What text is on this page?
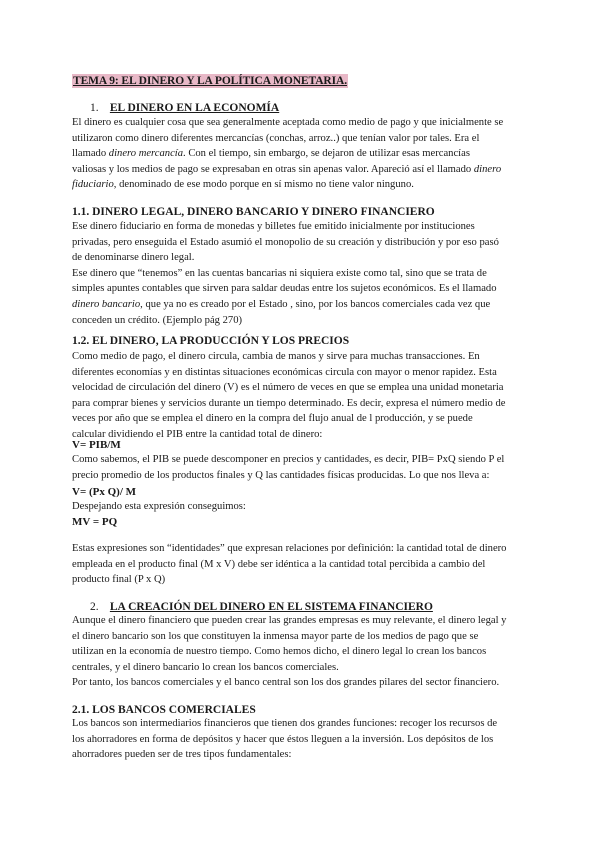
TEMA 9: EL DINERO Y LA POLÍTICA MONETARIA.
1. EL DINERO EN LA ECONOMÍA
El dinero es cualquier cosa que sea generalmente aceptada como medio de pago y que inicialmente se
utilizaron como dinero diferentes mercancías (conchas, arroz..) que tenían valor por tales. Era el
llamado dinero mercancía. Con el tiempo, sin embargo, se dejaron de utilizar esas mercancías
valiosas y los medios de pago se expresaban en otras sin apenas valor. Apareció así el llamado dinero
fiduciario, denominado de ese modo porque en sí mismo no tiene valor ninguno.
1.1. DINERO LEGAL, DINERO BANCARIO Y DINERO FINANCIERO
Ese dinero fiduciario en forma de monedas y billetes fue emitido inicialmente por instituciones
privadas, pero enseguida el Estado asumió el monopolio de su creación y distribución y por eso pasó
de denominarse dinero legal.
Ese dinero que “tenemos” en las cuentas bancarias ni siquiera existe como tal, sino que se trata de
simples apuntes contables que sirven para saldar deudas entre los sujetos económicos. Es el llamado
dinero bancario, que ya no es creado por el Estado , sino, por los bancos comerciales cada vez que
conceden un crédito. (Ejemplo pág 270)
1.2. EL DINERO, LA PRODUCCIÓN Y LOS PRECIOS
Como medio de pago, el dinero circula, cambia de manos y sirve para muchas transacciones. En
diferentes economías y en distintas situaciones económicas circula con mayor o menor rapidez. Esta
velocidad de circulación del dinero (V) es el número de veces en que se emplea una unidad monetaria
para comprar bienes y servicios durante un tiempo determinado. Es decir, expresa el número medio de
veces por año que se emplea el dinero en la compra del flujo anual de l producción, y se puede
calcular dividiendo el PIB entre la cantidad total de dinero:
V= PIB/M
Como sabemos, el PIB se puede descomponer en precios y cantidades, es decir, PIB= PxQ siendo P el
precio promedio de los productos finales y Q las cantidades físicas producidas. Lo que nos lleva a:
V= (Px Q)/ M
Despejando esta expresión conseguimos:
MV = PQ
Estas expresiones son “identidades” que expresan relaciones por definición: la cantidad total de dinero
empleada en el producto final (M x V) debe ser idéntica a la cantidad total percibida a cambio del
producto final (P x Q)
2. LA CREACIÓN DEL DINERO EN EL SISTEMA FINANCIERO
Aunque el dinero financiero que pueden crear las grandes empresas es muy relevante, el dinero legal y
el dinero bancario son los que constituyen la inmensa mayor parte de los medios de pago que se
utilizan en la economía de nuestro tiempo. Como hemos dicho, el dinero legal lo crean los bancos
centrales, y el dinero bancario lo crean los bancos comerciales.
Por tanto, los bancos comerciales y el banco central son los dos grandes pilares del sector financiero.
2.1. LOS BANCOS COMERCIALES
Los bancos son intermediarios financieros que tienen dos grandes funciones: recoger los recursos de
los ahorradores en forma de depósitos y hacer que éstos lleguen a la inversión. Los depósitos de los
ahorradores pueden ser de tres tipos fundamentales:
